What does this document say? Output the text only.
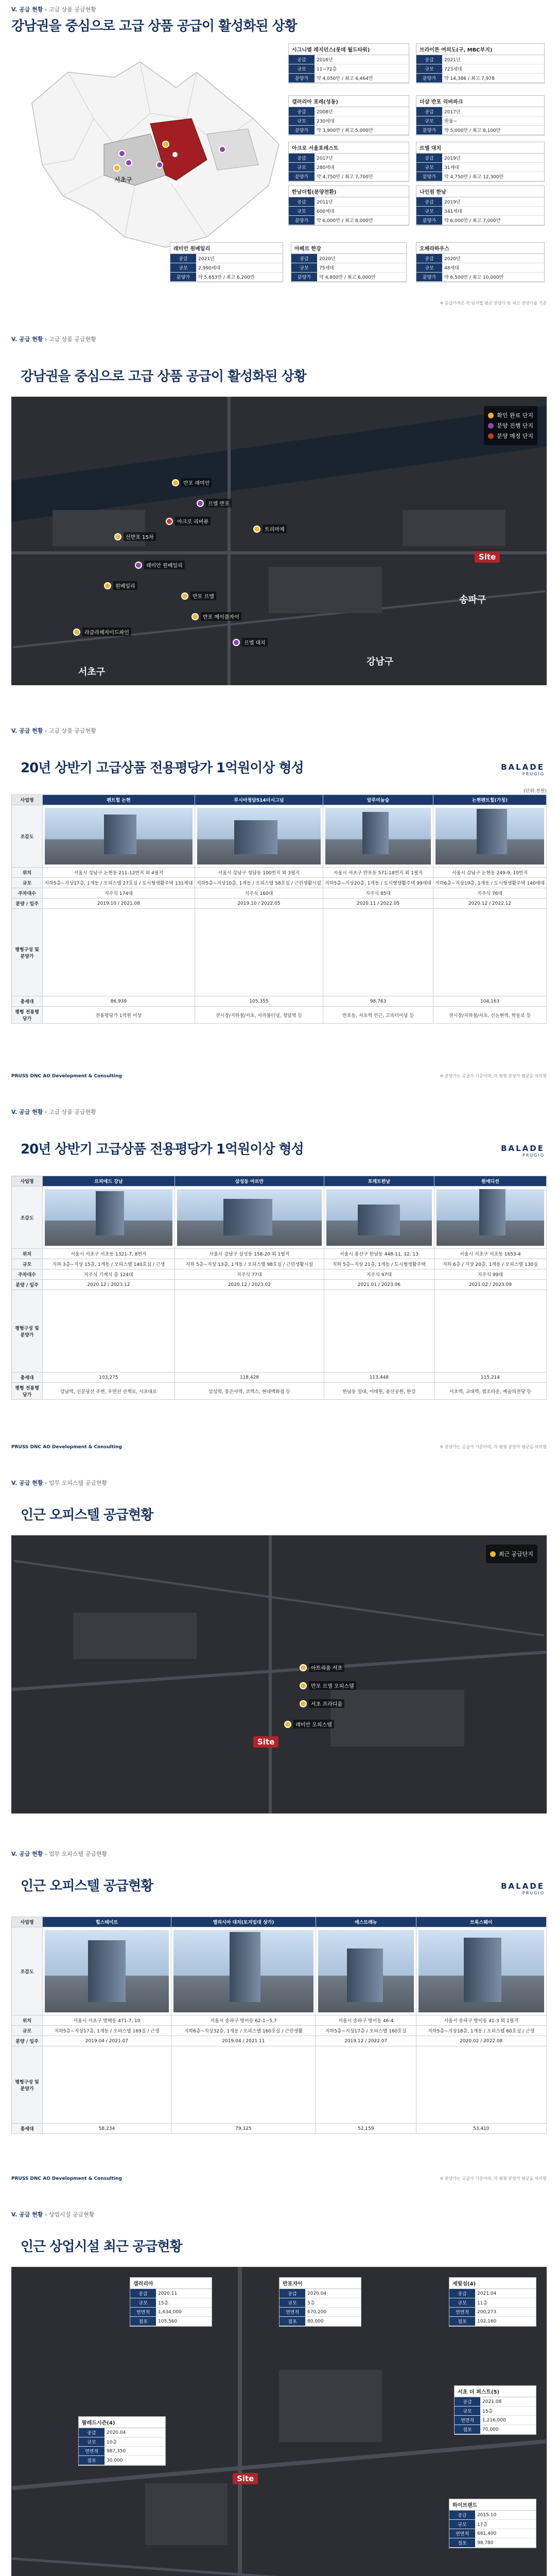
V. 공급 현황 › 고급 상품 공급현황
강남권을 중심으로 고급 상품 공급이 활성화된 상황
서초구
강남구
시그니엘 레지던스(롯데 월드타워)
공급	2016년
규모	11~72층
분양가	약 4,050만 / 최고 4,464만
브라이튼 여의도(구, MBC부지)
공급	2021년
규모	723세대
분양가	약 14,386 / 최고 7,978
갤러리아 포레(성동)
공급	2008년
규모	230세대
분양가	약 3,900만 / 최고 5,000만
더샵 반포 리버파크
공급	2017년
규모	원룸~
분양가	약 5,000만 / 최고 8,100만
아크로 서울포레스트
공급	2017년
규모	280세대
분양가	약 4,750만 / 최고 7,700만
르엘 대치
공급	2019년
규모	31세대
분양가	약 4,750만 / 최고 12,300만
한남더힐(분양전환)
공급	2011년
규모	600세대
분양가	약 6,000만 / 최고 8,000만
나인원 한남
공급	2019년
규모	341세대
분양가	약 6,000만 / 최고 7,000만
래미안 원베일리
공급	2021년
규모	2,990세대
분양가	약 5,653만 / 최고 6,200만
아페르 한강
공급	2020년
규모	75세대
분양가	약 4,800만 / 최고 6,000만
오페라하우스
공급	2020년
규모	48세대
분양가	약 6,500만 / 최고 10,000만
※ 공급가격은 각 단지별 평균 분양가 및 최고 분양가를 기준
V. 공급 현황 › 고급 상품 공급현황
강남권을 중심으로 고급 상품 공급이 활성화된 상황
반포 래미안
르엘 반포
아크로 리버뷰
신반포 15차
래미안 원베일리
원베일리
반포 르엘
반포 메이플자이
라클라체자이드파인
르엘 대치
트리마제
Site
송파구
강남구
서초구
확인 완료 단지
분양 진행 단지
분양 예정 단지
V. 공급 현황 › 고급 상품 공급현황
20년 상반기 고급상품 전용평당가 1억원이상 형성	BALADE
PRUGIO
(단위:천원)
사업명	펜트힐 논현	루시아청담514더시그넘	알루미늄숲	논현펜트힐(가칭)
조감도	

위치	서울시 강남구 논현동 211-12번지 외 4필지	서울시 강남구 청담동 100번지 외 3필지	서울시 서초구 반포동 571-18번지 외 1필지	서울시 강남구 논현동 249-9, 10번지
규모	지하5층~지상17층, 1개동 / 오피스텔 27호실 / 도시형생활주택 131세대	지하5층~지상10층, 1개동 / 오피스텔 58호실 / 근린생활시설	지하5층~지상20층, 1개동 / 도시형생활주택 99세대	지하6층~지상19층, 1개동 / 도시형생활주택 140세대
주차대수	지주식 174대	지주식 160대	지주식 85대	지주식 76대
분양 / 입주	2019.10 / 2021.08	2019.10 / 2022.05	2020.11 / 2022.05	2020.12 / 2022.12
평형구성 및 분양가				
총세대	86,939	105,355	98,763	104,163
평형 전용평당가	전용평당가 1억원 이상	전시장/지하철/서초, 서리풀터널, 청담역 등	반포동, 서초역 인근, 고속터미널 등	전시장/지하철/서초, 신논현역, 학동로 등
PRUSS DNC AO Development & Consulting	※ 분양가는 공급가 기준이며, 각 평형 분양가 평균을 의미함
V. 공급 현황 › 고급 상품 공급현황
20년 상반기 고급상품 전용평당가 1억원이상 형성	BALADE
PRUGIO
사업명	르피에드 강남	삼성동 아르만	포레트한남	원에디션
조감도	

위치	서울시 서초구 서초동 1321-7, 8번지	서울시 강남구 삼성동 158-20 외 1필지	서울시 용산구 한남동 448-11, 12, 13	서울시 서초구 서초동 1653-4
규모	지하 3층~지상 15층, 1개동 / 오피스텔 140호실 / 근생	지하 5층~지상 13층, 1개동 / 오피스텔 98호실 / 근린생활시설	지하 5층~지상 21층, 1개동 / 도시형생활주택	지하 6층 / 지상 20층, 1개동 / 오피스텔 130실
주차대수	지주식 기계식 총 124대	지주식 77대	지주식 97대	지주식 99대
분양 / 입주	2020.12 / 2023.12	2020.12 / 2023.02	2021.01 / 2023.06	2021.02 / 2023.09
평형구성 및 분양가				
총세대	103,275	118,428	113,448	115,214
평형 전용평당가	강남역, 신분당선 주변, 우면산 산책로, 서초대로	삼성역, 봉은사역, 코엑스, 현대백화점 등	한남동 일대, 이태원, 용산공원, 한강	서초역, 교대역, 법조타운, 예술의전당 등
PRUSS DNC AO Development & Consulting	※ 분양가는 공급가 기준이며, 각 평형 분양가 평균을 의미함
V. 공급 현황 › 업무 오피스텔 공급현황
인근 오피스텔 공급현황
아트리움 서초
반포 르엘 오피스텔
서초 프라디움
래미안 오피스텔
Site
최근 공급단지
V. 공급 현황 › 업무 오피스텔 공급현황
인근 오피스텔 공급현황	BALADE
PRUGIO
사업명	힐스테이트	엘리시아 대치(토지임대 상가)	에스트레뉴	브룩스웨이
조감도	

위치	서울시 서초구 방배동 471-7, 10	서울시 송파구 방이동 62-1~5,7	서울시 송파구 방이동 46-4	서울시 송파구 방이동 41-3 외 1필지
규모	지하5층~지상17층, 1개동 / 오피스텔 169실 / 근생	지하6층~지상32층, 1개동 / 오피스텔 160호실 / 근린생활	지하5층~지상17층 / 오피스텔 160호실	지하5층~지상18층, 1개동 / 오피스텔 60호실 / 근생
분양 / 입주	2019.04 / 2021.07	2019.04 / 2021.11	2019.12 / 2022.07	2020.02 / 2022.08
평형구성 및 분양가				
총세대	58,234	79,125	52,159	53,410
PRUSS DNC AO Development & Consulting	※ 분양가는 공급가 기준이며, 각 평형 분양가 평균을 의미함
V. 공급 현황 › 상업시설 공급현황
인근 상업시설 최근 공급현황
Site
갤러리아
공급	2020.11
규모	15층
연면적	1,634,000
점포	105,560
반포자이
공급	2020.04
규모	5층
연면적	670,200
점포	80,000
세빛섬(4)
공급	2021.04
규모	11층
연면적	200,273
점포	102,160
팔레드시즌(4)
공급	2020.04
규모	10층
연면적	987,350
점포	30,000
서초 더 퍼스트(5)
공급	2021.08
규모	15층
연면적	1,216,000
점포	70,000
하이브랜드
공급	2015.10
규모	17층
연면적	681,400
점포	98,780
